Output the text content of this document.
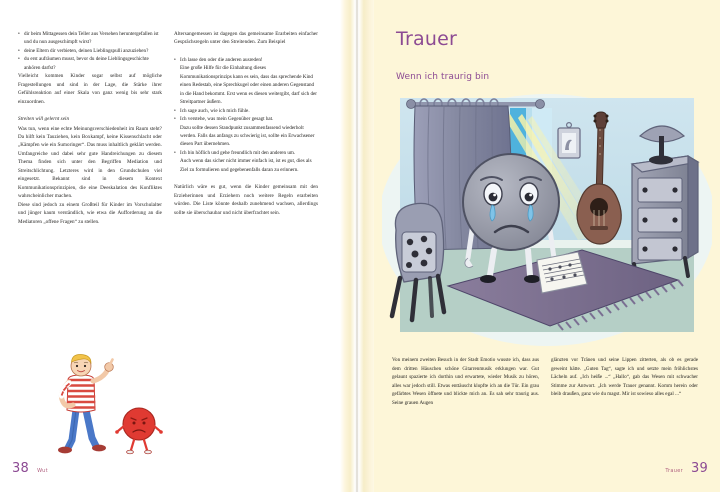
• dir beim Mittagessen dein Teller aus Versehen heruntergefallen ist und du nun ausgeschimpft wirst?
• deine Eltern dir verbieten, deinen Lieblingspulli anzuziehen?
• du erst aufräumen musst, bevor du deine Lieblingsgeschichte anhören darfst?

Vielleicht kommen Kinder sogar selbst auf mögliche Fragestellungen und sind in der Lage, die Stärke ihrer Gefühlsreaktion auf einer Skala von ganz wenig bis sehr stark einzuordnen.

Streiten will gelernt sein

Was tun, wenn eine echte Meinungsverschiedenheit im Raum steht? Da hilft kein Tauziehen, kein Boxkampf, keine Kissenschlacht oder „Kämpfen wie ein Sumoringer“. Das muss inhaltlich geklärt werden.

Umfangreiche und dabei sehr gute Handreichungen zu diesem Thema finden sich unter den Begriffen Mediation und Streitschlichtung. Letzteres wird in den Grundschulen viel eingesetzt. Bekannt sind in diesem Kontext Kommunikationsprinzipien, die eine Deeskalation des Konfliktes wahrscheinlicher machen.

Diese sind jedoch zu einem Großteil für Kinder im Vorschulalter und jünger kaum verständlich, wie etwa die Aufforderung an die Mediatoren „offene Fragen“ zu stellen.

Altersangemessen ist dagegen das gemeinsame Erarbeiten einfacher Gesprächsregeln unter den Streitenden. Zum Beispiel

• Ich lasse den oder die anderen ausreden!
Eine große Hilfe für die Einhaltung dieses Kommunikationsprinzips kann es sein, dass das sprechende Kind einen Redestab, eine Sprechkugel oder einen anderen Gegenstand in die Hand bekommt. Erst wenn es diesen weitergibt, darf sich der Streitpartner äußern.
• Ich sage auch, wie ich mich fühle.
• Ich verstehe, was mein Gegenüber gesagt hat.
Dazu sollte dessen Standpunkt zusammenfassend wiederholt werden. Falls das anfangs zu schwierig ist, sollte ein Erwachsener diesen Part übernehmen.
• Ich bin höflich und gehe freundlich mit den anderen um.
Auch wenn das sicher nicht immer einfach ist, ist es gut, dies als Ziel zu formulieren und gegebenenfalls daran zu erinnern.

Natürlich wäre es gut, wenn die Kinder gemeinsam mit den Erzieherinnen und Erziehern noch weitere Regeln erarbeiten würden. Die Liste könnte deshalb zunehmend wachsen, allerdings sollte sie überschaubar und nicht überfrachtet sein.

38 Wut
Trauer
Wenn ich traurig bin

Von meinem zweiten Besuch in der Stadt Emotio wusste ich, dass aus dem dritten Häuschen schöne Gitarrenmusik erklungen war. Gut gelaunt spazierte ich dorthin und erwartete, wieder Musik zu hören, alles war jedoch still. Etwas enttäuscht klopfte ich an die Tür. Ein grau gefärbtes Wesen öffnete und blickte mich an. Es sah sehr traurig aus. Seine grauen Augen

glänzten vor Tränen und seine Lippen zitterten, als ob es gerade geweint hätte. „Guten Tag“, sagte ich und setzte mein fröhlichstes Lächeln auf. „Ich heiße ...“ „Hallo“, gab das Wesen mit schwacher Stimme zur Antwort. „Ich werde Trauer genannt. Komm herein oder bleib draußen, ganz wie du magst. Mir ist sowieso alles egal ...“

Trauer 39
